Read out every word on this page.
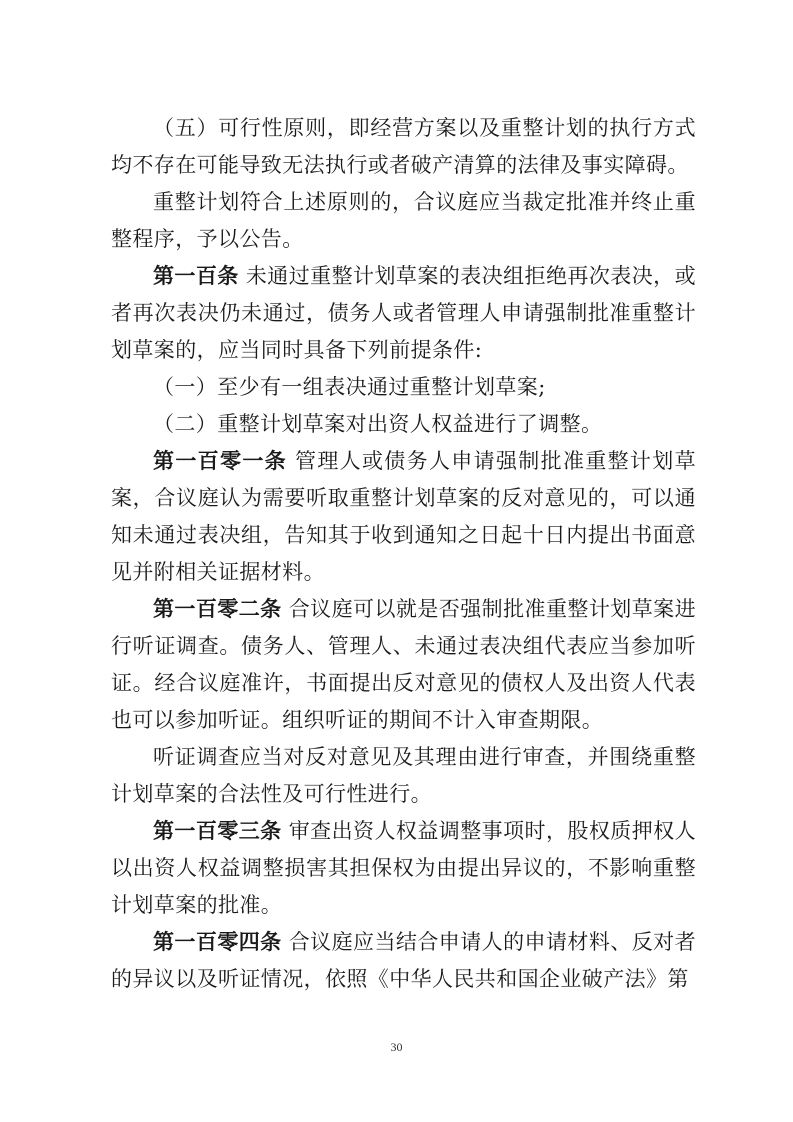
（五）可行性原则，即经营方案以及重整计划的执行方式均不存在可能导致无法执行或者破产清算的法律及事实障碍。

重整计划符合上述原则的，合议庭应当裁定批准并终止重整程序，予以公告。

第一百条 未通过重整计划草案的表决组拒绝再次表决，或者再次表决仍未通过，债务人或者管理人申请强制批准重整计划草案的，应当同时具备下列前提条件:

（一）至少有一组表决通过重整计划草案;

（二）重整计划草案对出资人权益进行了调整。

第一百零一条 管理人或债务人申请强制批准重整计划草案，合议庭认为需要听取重整计划草案的反对意见的，可以通知未通过表决组，告知其于收到通知之日起十日内提出书面意见并附相关证据材料。

第一百零二条 合议庭可以就是否强制批准重整计划草案进行听证调查。债务人、管理人、未通过表决组代表应当参加听证。经合议庭准许，书面提出反对意见的债权人及出资人代表也可以参加听证。组织听证的期间不计入审查期限。

听证调查应当对反对意见及其理由进行审查，并围绕重整计划草案的合法性及可行性进行。

第一百零三条 审查出资人权益调整事项时，股权质押权人以出资人权益调整损害其担保权为由提出异议的，不影响重整计划草案的批准。

第一百零四条 合议庭应当结合申请人的申请材料、反对者的异议以及听证情况，依照《中华人民共和国企业破产法》第

30
